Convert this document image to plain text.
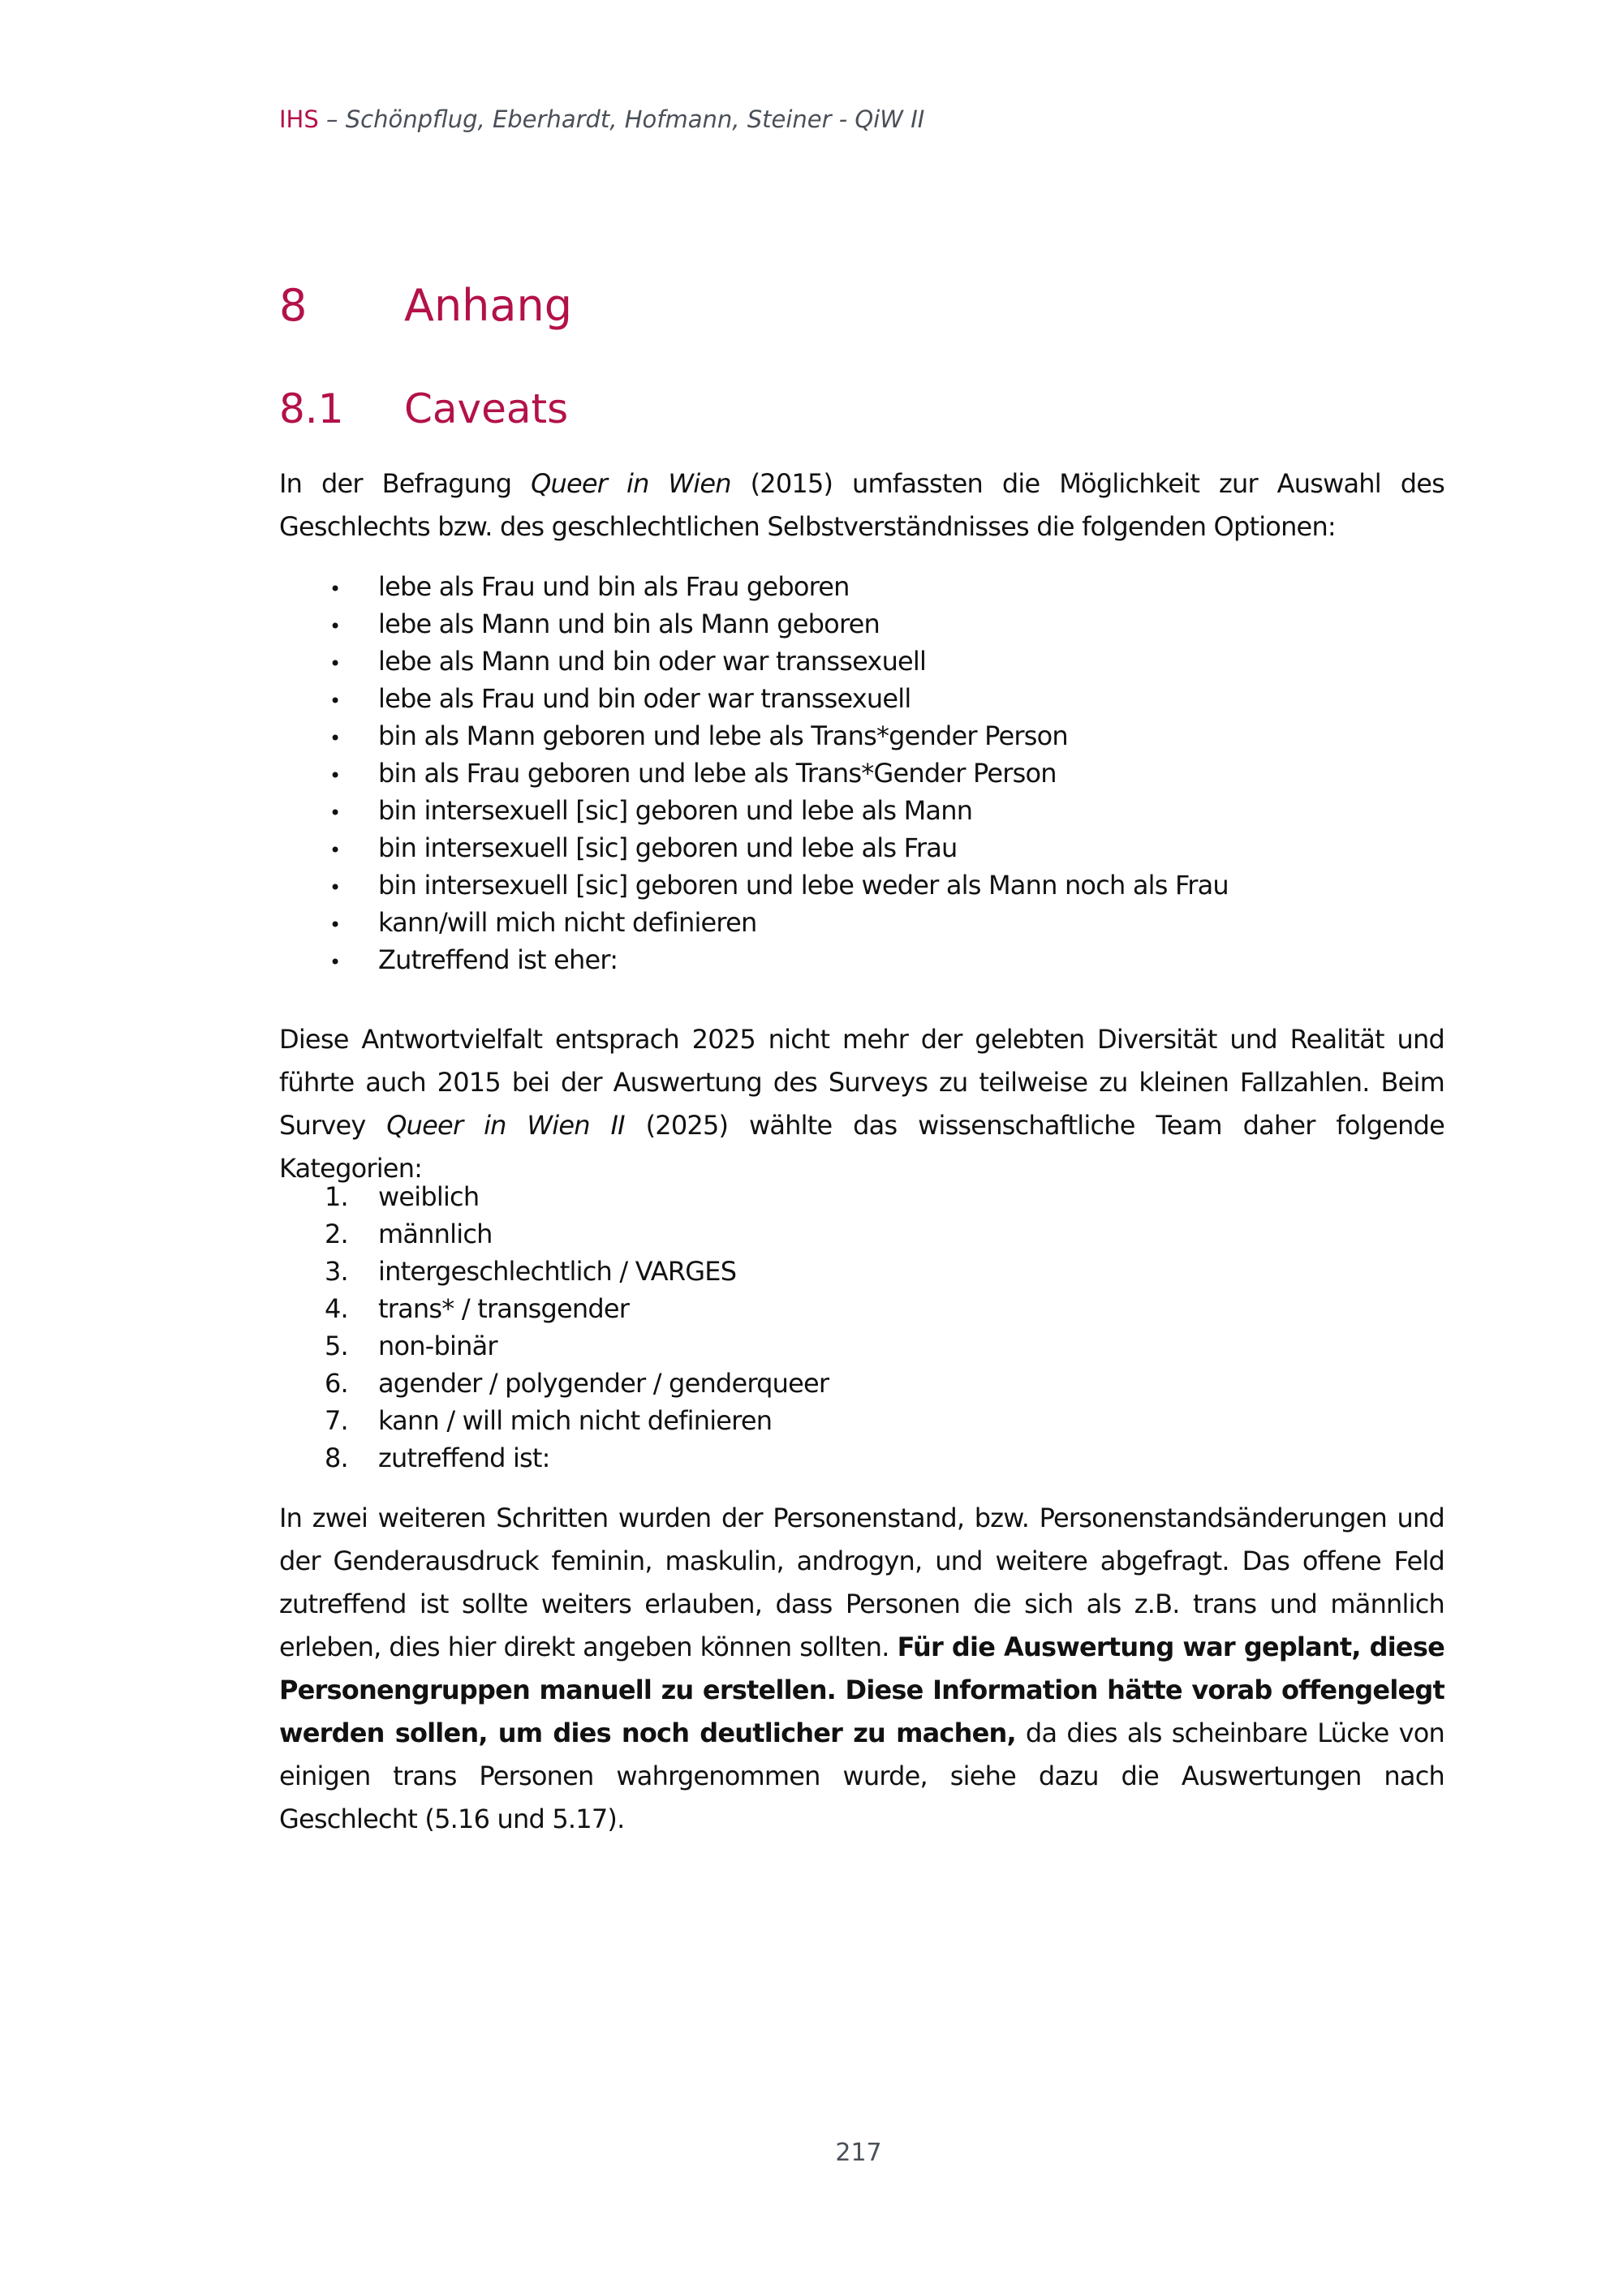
IHS – Schönpflug, Eberhardt, Hofmann, Steiner - QiW II
8 Anhang
8.1 Caveats

In der Befragung Queer in Wien (2015) umfassten die Möglichkeit zur Auswahl des Geschlechts bzw. des geschlechtlichen Selbstverständnisses die folgenden Optionen:

• lebe als Frau und bin als Frau geboren
• lebe als Mann und bin als Mann geboren
• lebe als Mann und bin oder war transsexuell
• lebe als Frau und bin oder war transsexuell
• bin als Mann geboren und lebe als Trans*gender Person
• bin als Frau geboren und lebe als Trans*Gender Person
• bin intersexuell [sic] geboren und lebe als Mann
• bin intersexuell [sic] geboren und lebe als Frau
• bin intersexuell [sic] geboren und lebe weder als Mann noch als Frau
• kann/will mich nicht definieren
• Zutreffend ist eher:

Diese Antwortvielfalt entsprach 2025 nicht mehr der gelebten Diversität und Realität und führte auch 2015 bei der Auswertung des Surveys zu teilweise zu kleinen Fallzahlen. Beim Survey Queer in Wien II (2025) wählte das wissenschaftliche Team daher folgende Kategorien:

1. weiblich
2. männlich
3. intergeschlechtlich / VARGES
4. trans* / transgender
5. non-binär
6. agender / polygender / genderqueer
7. kann / will mich nicht definieren
8. zutreffend ist:

In zwei weiteren Schritten wurden der Personenstand, bzw. Personenstandsänderungen und der Genderausdruck feminin, maskulin, androgyn, und weitere abgefragt. Das offene Feld zutreffend ist sollte weiters erlauben, dass Personen die sich als z.B. trans und männlich erleben, dies hier direkt angeben können sollten. Für die Auswertung war geplant, diese Personengruppen manuell zu erstellen. Diese Information hätte vorab offengelegt werden sollen, um dies noch deutlicher zu machen, da dies als scheinbare Lücke von einigen trans Personen wahrgenommen wurde, siehe dazu die Auswertungen nach Geschlecht (5.16 und 5.17).

217
